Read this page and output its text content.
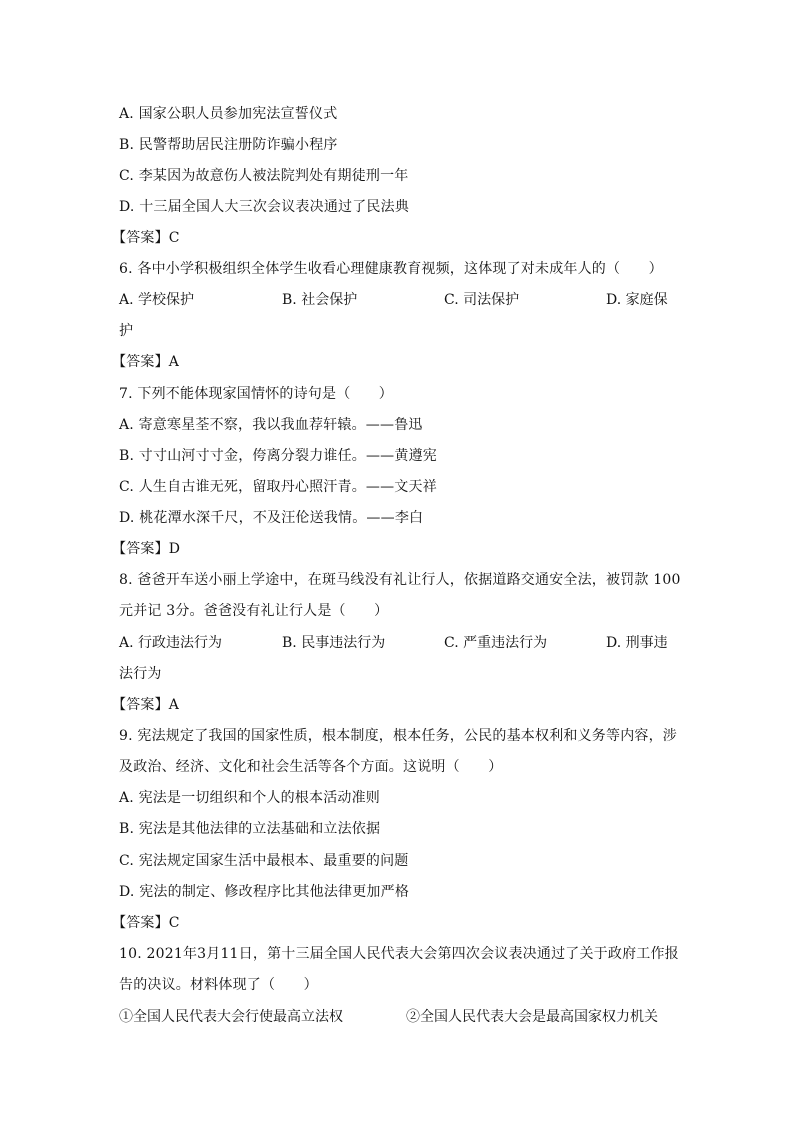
A. 国家公职人员参加宪法宣誓仪式
B. 民警帮助居民注册防诈骗小程序
C. 李某因为故意伤人被法院判处有期徒刑一年
D. 十三届全国人大三次会议表决通过了民法典
【答案】C
6. 各中小学积极组织全体学生收看心理健康教育视频，这体现了对未成年人的（　　）
A. 学校保护	B. 社会保护	C. 司法保护	D. 家庭保
护
【答案】A
7. 下列不能体现家国情怀的诗句是（　　）
A. 寄意寒星荃不察，我以我血荐轩辕。——鲁迅
B. 寸寸山河寸寸金，侉离分裂力谁任。——黄遵宪
C. 人生自古谁无死，留取丹心照汗青。——文天祥
D. 桃花潭水深千尺，不及汪伦送我情。——李白
【答案】D
8. 爸爸开车送小丽上学途中，在斑马线没有礼让行人，依据道路交通安全法，被罚款 100
元并记 3分。爸爸没有礼让行人是（　　）
A. 行政违法行为	B. 民事违法行为	C. 严重违法行为	D. 刑事违
法行为
【答案】A
9. 宪法规定了我国的国家性质，根本制度，根本任务，公民的基本权利和义务等内容，涉
及政治、经济、文化和社会生活等各个方面。这说明（　　）
A. 宪法是一切组织和个人的根本活动准则
B. 宪法是其他法律的立法基础和立法依据
C. 宪法规定国家生活中最根本、最重要的问题
D. 宪法的制定、修改程序比其他法律更加严格
【答案】C
10. 2021年3月11日，第十三届全国人民代表大会第四次会议表决通过了关于政府工作报
告的决议。材料体现了（　　）
①全国人民代表大会行使最高立法权	②全国人民代表大会是最高国家权力机关
